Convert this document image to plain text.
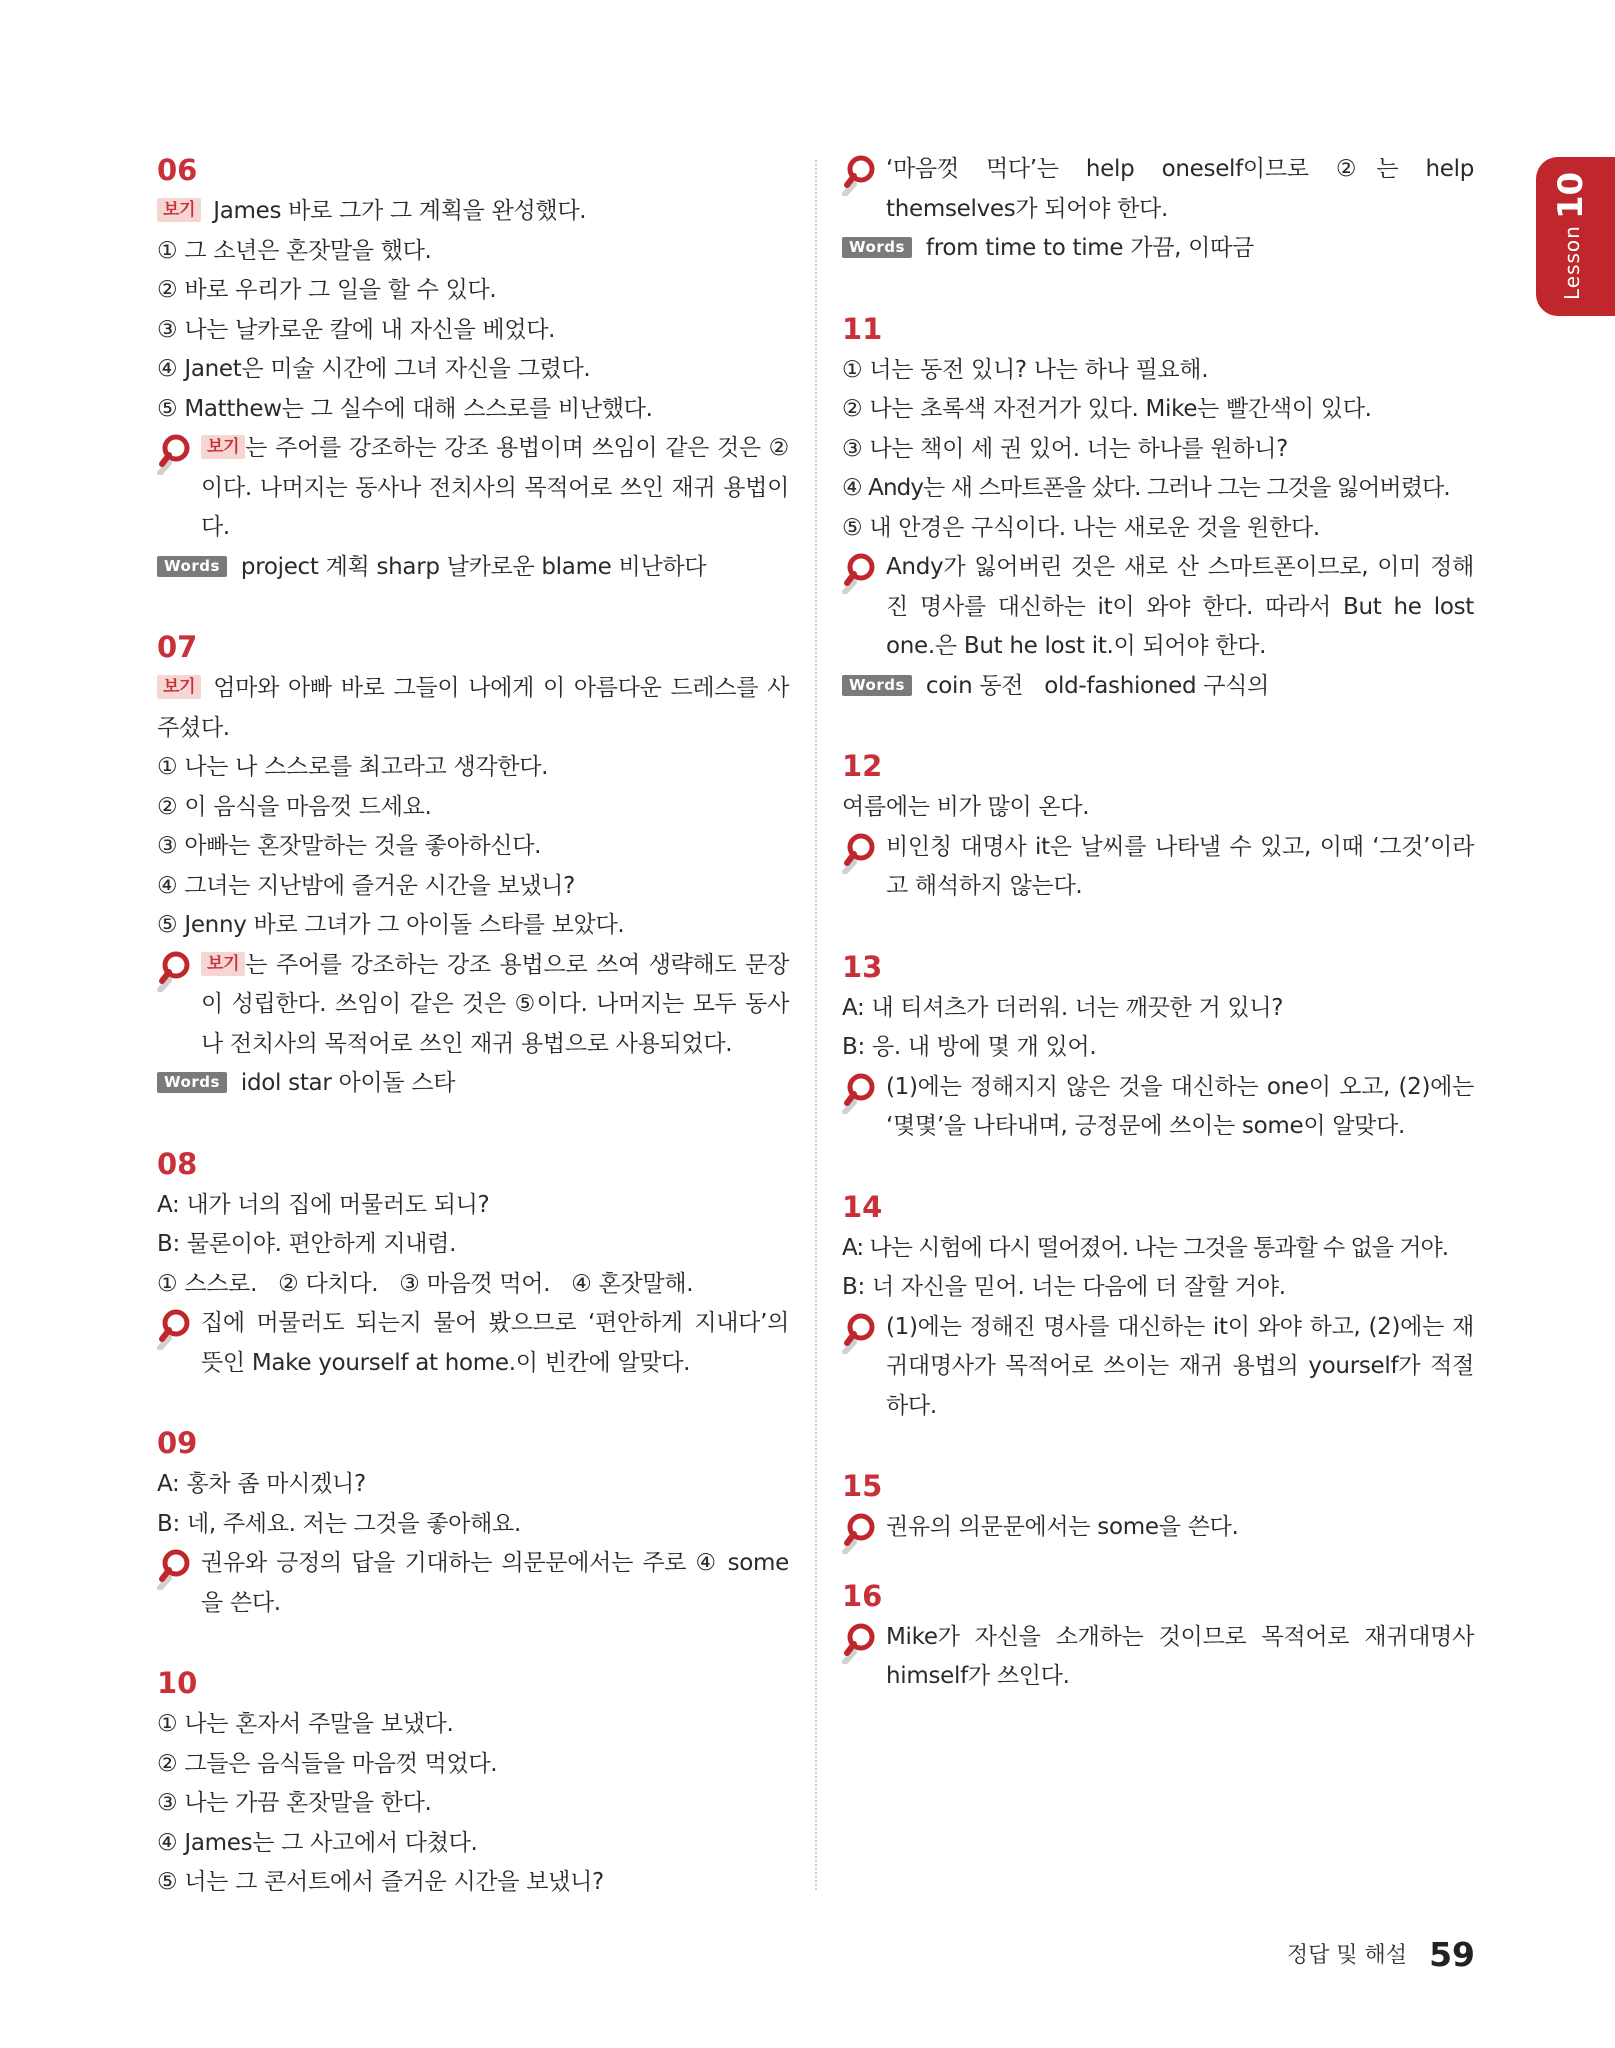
Lesson10
06
보기 James 바로 그가 그 계획을 완성했다.
① 그 소년은 혼잣말을 했다.
② 바로 우리가 그 일을 할 수 있다.
③ 나는 날카로운 칼에 내 자신을 베었다.
④ Janet은 미술 시간에 그녀 자신을 그렸다.
⑤ Matthew는 그 실수에 대해 스스로를 비난했다.
보기 는 주어를 강조하는 강조 용법이며 쓰임이 같은 것은 ②이다. 나머지는 동사나 전치사의 목적어로 쓰인 재귀 용법이다.
Words project 계획 sharp 날카로운 blame 비난하다
07
보기 엄마와 아빠 바로 그들이 나에게 이 아름다운 드레스를 사주셨다.
① 나는 나 스스로를 최고라고 생각한다.
② 이 음식을 마음껏 드세요.
③ 아빠는 혼잣말하는 것을 좋아하신다.
④ 그녀는 지난밤에 즐거운 시간을 보냈니?
⑤ Jenny 바로 그녀가 그 아이돌 스타를 보았다.
보기 는 주어를 강조하는 강조 용법으로 쓰여 생략해도 문장이 성립한다. 쓰임이 같은 것은 ⑤이다. 나머지는 모두 동사나 전치사의 목적어로 쓰인 재귀 용법으로 사용되었다.
Words idol star 아이돌 스타
08
A: 내가 너의 집에 머물러도 되니?
B: 물론이야. 편안하게 지내렴.
① 스스로.   ② 다치다.   ③ 마음껏 먹어.   ④ 혼잣말해.
집에 머물러도 되는지 물어 봤으므로 ‘편안하게 지내다’의 뜻인 Make yourself at home.이 빈칸에 알맞다.
09
A: 홍차 좀 마시겠니?
B: 네, 주세요. 저는 그것을 좋아해요.
권유와 긍정의 답을 기대하는 의문문에서는 주로 ④ some을 쓴다.
10
① 나는 혼자서 주말을 보냈다.
② 그들은 음식들을 마음껏 먹었다.
③ 나는 가끔 혼잣말을 한다.
④ James는 그 사고에서 다쳤다.
⑤ 너는 그 콘서트에서 즐거운 시간을 보냈니?
‘마음껏 먹다’는 help oneself이므로 ②는 help themselves가 되어야 한다.
Words from time to time 가끔, 이따금
11
① 너는 동전 있니? 나는 하나 필요해.
② 나는 초록색 자전거가 있다. Mike는 빨간색이 있다.
③ 나는 책이 세 권 있어. 너는 하나를 원하니?
④ Andy는 새 스마트폰을 샀다. 그러나 그는 그것을 잃어버렸다.
⑤ 내 안경은 구식이다. 나는 새로운 것을 원한다.
Andy가 잃어버린 것은 새로 산 스마트폰이므로, 이미 정해진 명사를 대신하는 it이 와야 한다. 따라서 But he lost one.은 But he lost it.이 되어야 한다.
Words coin 동전   old-fashioned 구식의
12
여름에는 비가 많이 온다.
비인칭 대명사 it은 날씨를 나타낼 수 있고, 이때 ‘그것’이라고 해석하지 않는다.
13
A: 내 티셔츠가 더러워. 너는 깨끗한 거 있니?
B: 응. 내 방에 몇 개 있어.
(1)에는 정해지지 않은 것을 대신하는 one이 오고, (2)에는 ‘몇몇’을 나타내며, 긍정문에 쓰이는 some이 알맞다.
14
A: 나는 시험에 다시 떨어졌어. 나는 그것을 통과할 수 없을 거야.
B: 너 자신을 믿어. 너는 다음에 더 잘할 거야.
(1)에는 정해진 명사를 대신하는 it이 와야 하고, (2)에는 재귀대명사가 목적어로 쓰이는 재귀 용법의 yourself가 적절하다.
15
권유의 의문문에서는 some을 쓴다.
16
Mike가 자신을 소개하는 것이므로 목적어로 재귀대명사 himself가 쓰인다.
정답 및 해설 59
